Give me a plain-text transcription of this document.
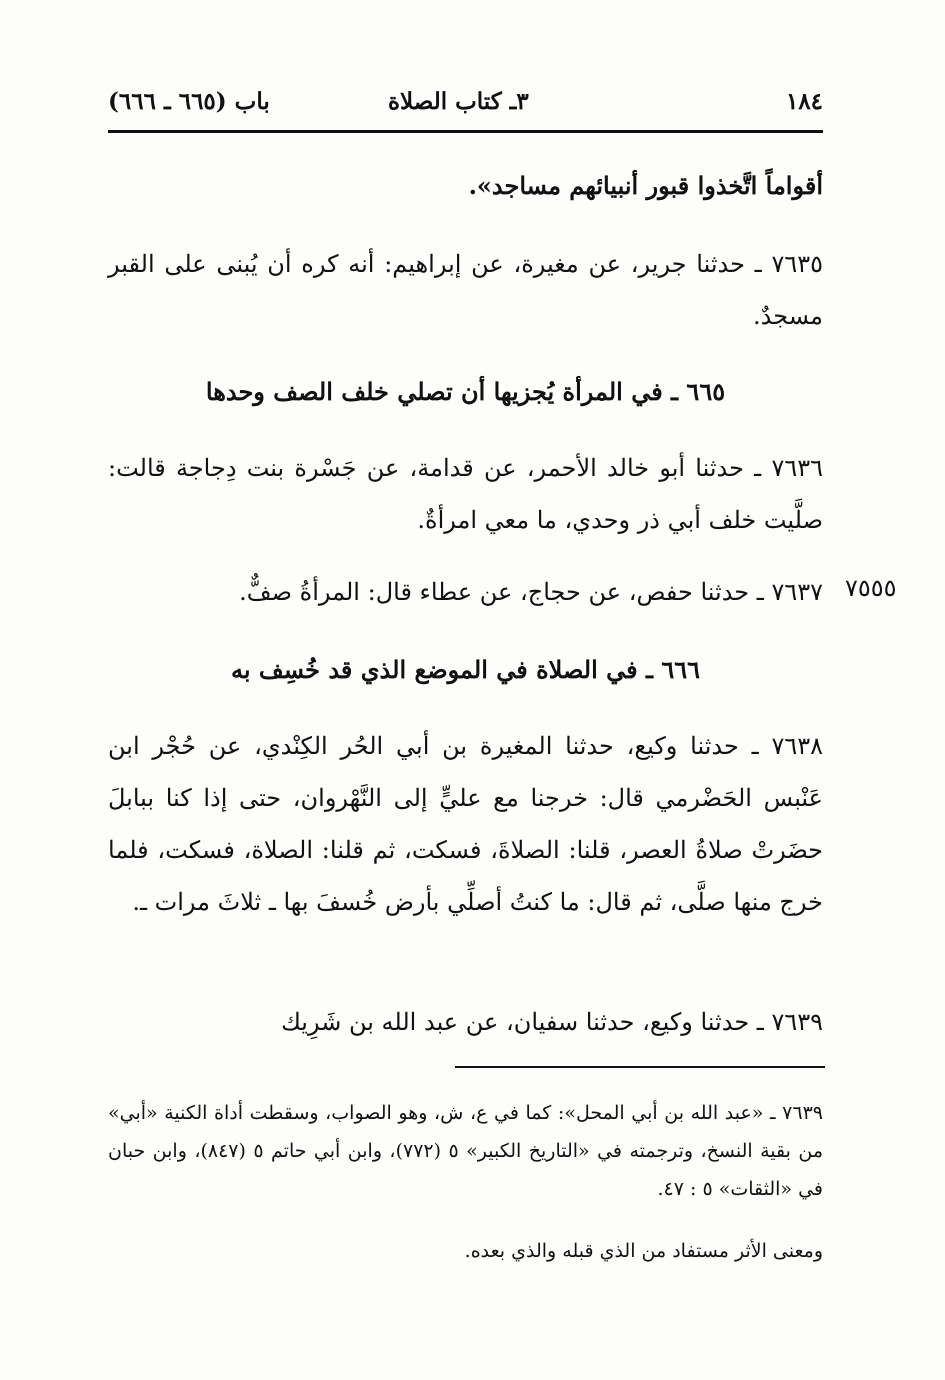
١٨٤
٣ـ كتاب الصلاة
باب (٦٦٥ ـ ٦٦٦)
أقواماً اتَّخذوا قبور أنبيائهم مساجد».
٧٦٣٥ ـ حدثنا جرير، عن مغيرة، عن إبراهيم: أنه كره أن يُبنى على القبر مسجدٌ.
٦٦٥ ـ في المرأة يُجزيها أن تصلي خلف الصف وحدها
٧٦٣٦ ـ حدثنا أبو خالد الأحمر، عن قدامة، عن جَسْرة بنت دِجاجة قالت: صلَّيت خلف أبي ذر وحدي، ما معي امرأةٌ.
٧٦٣٧ ـ حدثنا حفص، عن حجاج، عن عطاء قال: المرأةُ صفٌّ. ٧٥٥٥
٦٦٦ ـ في الصلاة في الموضع الذي قد خُسِف به
٧٦٣٨ ـ حدثنا وكيع، حدثنا المغيرة بن أبي الحُر الكِنْدي، عن حُجْر ابن عَنْبس الحَضْرمي قال: خرجنا مع عليٍّ إلى النَّهْروان، حتى إذا كنا ببابلَ حضَرتْ صلاةُ العصر، قلنا: الصلاةَ، فسكت، ثم قلنا: الصلاة، فسكت، فلما خرج منها صلَّى، ثم قال: ما كنتُ أصلِّي بأرض خُسفَ بها ـ ثلاثَ مرات ـ.
٧٦٣٩ ـ حدثنا وكيع، حدثنا سفيان، عن عبد الله بن شَرِيك
٧٦٣٩ ـ «عبد الله بن أبي المحل»: كما في ع، ش، وهو الصواب، وسقطت أداة الكنية «أبي» من بقية النسخ، وترجمته في «التاريخ الكبير» ٥ (٧٧٢)، وابن أبي حاتم ٥ (٨٤٧)، وابن حبان في «الثقات» ٥ : ٤٧.
ومعنى الأثر مستفاد من الذي قبله والذي بعده.
